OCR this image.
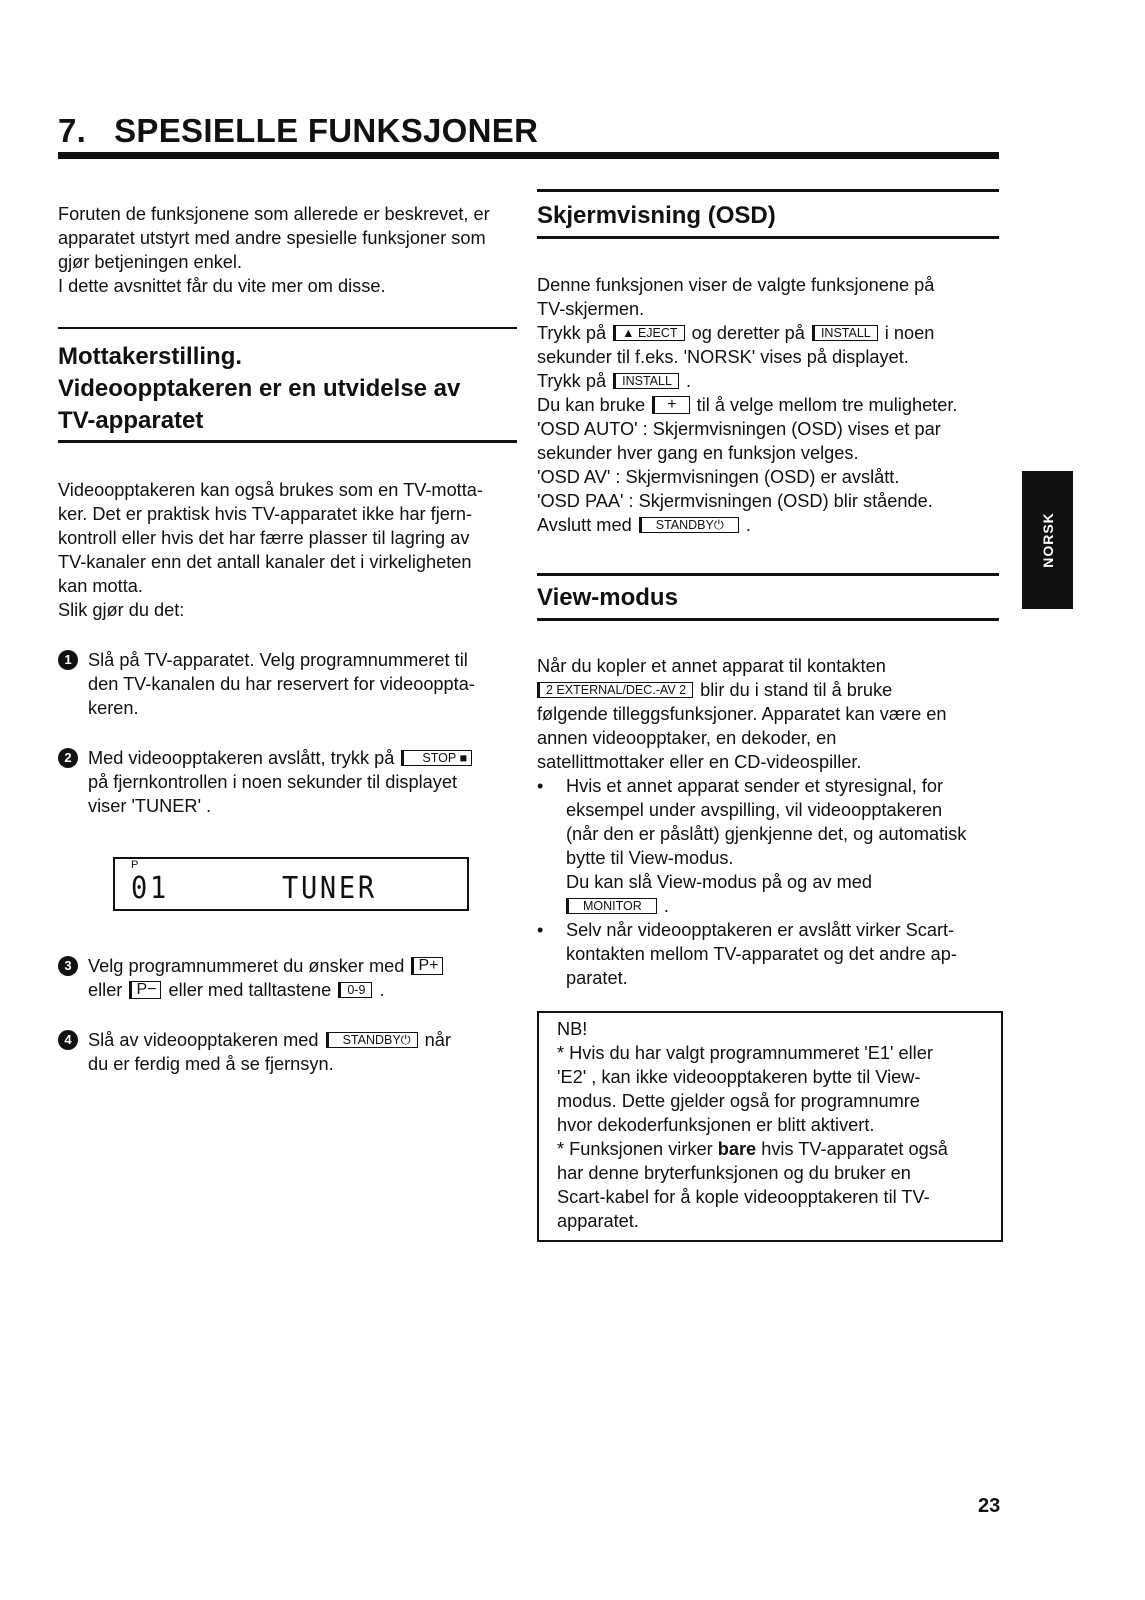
7. SPESIELLE FUNKSJONER
Foruten de funksjonene som allerede er beskrevet, er
apparatet utstyrt med andre spesielle funksjoner som
gjør betjeningen enkel.
I dette avsnittet får du vite mer om disse.
Mottakerstilling.
Videoopptakeren er en utvidelse av
TV-apparatet
Videoopptakeren kan også brukes som en TV-motta-
ker. Det er praktisk hvis TV-apparatet ikke har fjern-
kontroll eller hvis det har færre plasser til lagring av
TV-kanaler enn det antall kanaler det i virkeligheten
kan motta.
Slik gjør du det:
1 Slå på TV-apparatet. Velg programnummeret til
den TV-kanalen du har reservert for videoopptа-
keren.
2 Med videoopptakeren avslått, trykk på STOP ■
på fjernkontrollen i noen sekunder til displayet
viser 'TUNER' .
P
01	TUNER
3 Velg programnummeret du ønsker med P+
eller P− eller med talltastene 0-9 .
4 Slå av videoopptakeren med STANDBY⏻ når
du er ferdig med å se fjernsyn.
Skjermvisning (OSD)
Denne funksjonen viser de valgte funksjonene på
TV-skjermen.
Trykk på ▲ EJECT og deretter på INSTALL i noen
sekunder til f.eks. 'NORSK' vises på displayet.
Trykk på INSTALL .
Du kan bruke + til å velge mellom tre muligheter.
'OSD AUTO' : Skjermvisningen (OSD) vises et par
sekunder hver gang en funksjon velges.
'OSD AV' : Skjermvisningen (OSD) er avslått.
'OSD PAA' : Skjermvisningen (OSD) blir stående.
Avslutt med STANDBY⏻ .
View-modus
Når du kopler et annet apparat til kontakten
2 EXTERNAL/DEC.-AV 2 blir du i stand til å bruke
følgende tilleggsfunksjoner. Apparatet kan være en
annen videoopptaker, en dekoder, en
satellittmottaker eller en CD-videospiller.
• Hvis et annet apparat sender et styresignal, for
eksempel under avspilling, vil videoopptakeren
(når den er påslått) gjenkjenne det, og automatisk
bytte til View-modus.
Du kan slå View-modus på og av med
MONITOR .
• Selv når videoopptakeren er avslått virker Scart-
kontakten mellom TV-apparatet og det andre ap-
paratet.
NB!
* Hvis du har valgt programnummeret 'E1' eller
'E2' , kan ikke videoopptakeren bytte til View-
modus. Dette gjelder også for programnumre
hvor dekoderfunksjonen er blitt aktivert.
* Funksjonen virker bare hvis TV-apparatet også
har denne bryterfunksjonen og du bruker en
Scart-kabel for å kople videoopptakeren til TV-
apparatet.
NORSK
23
